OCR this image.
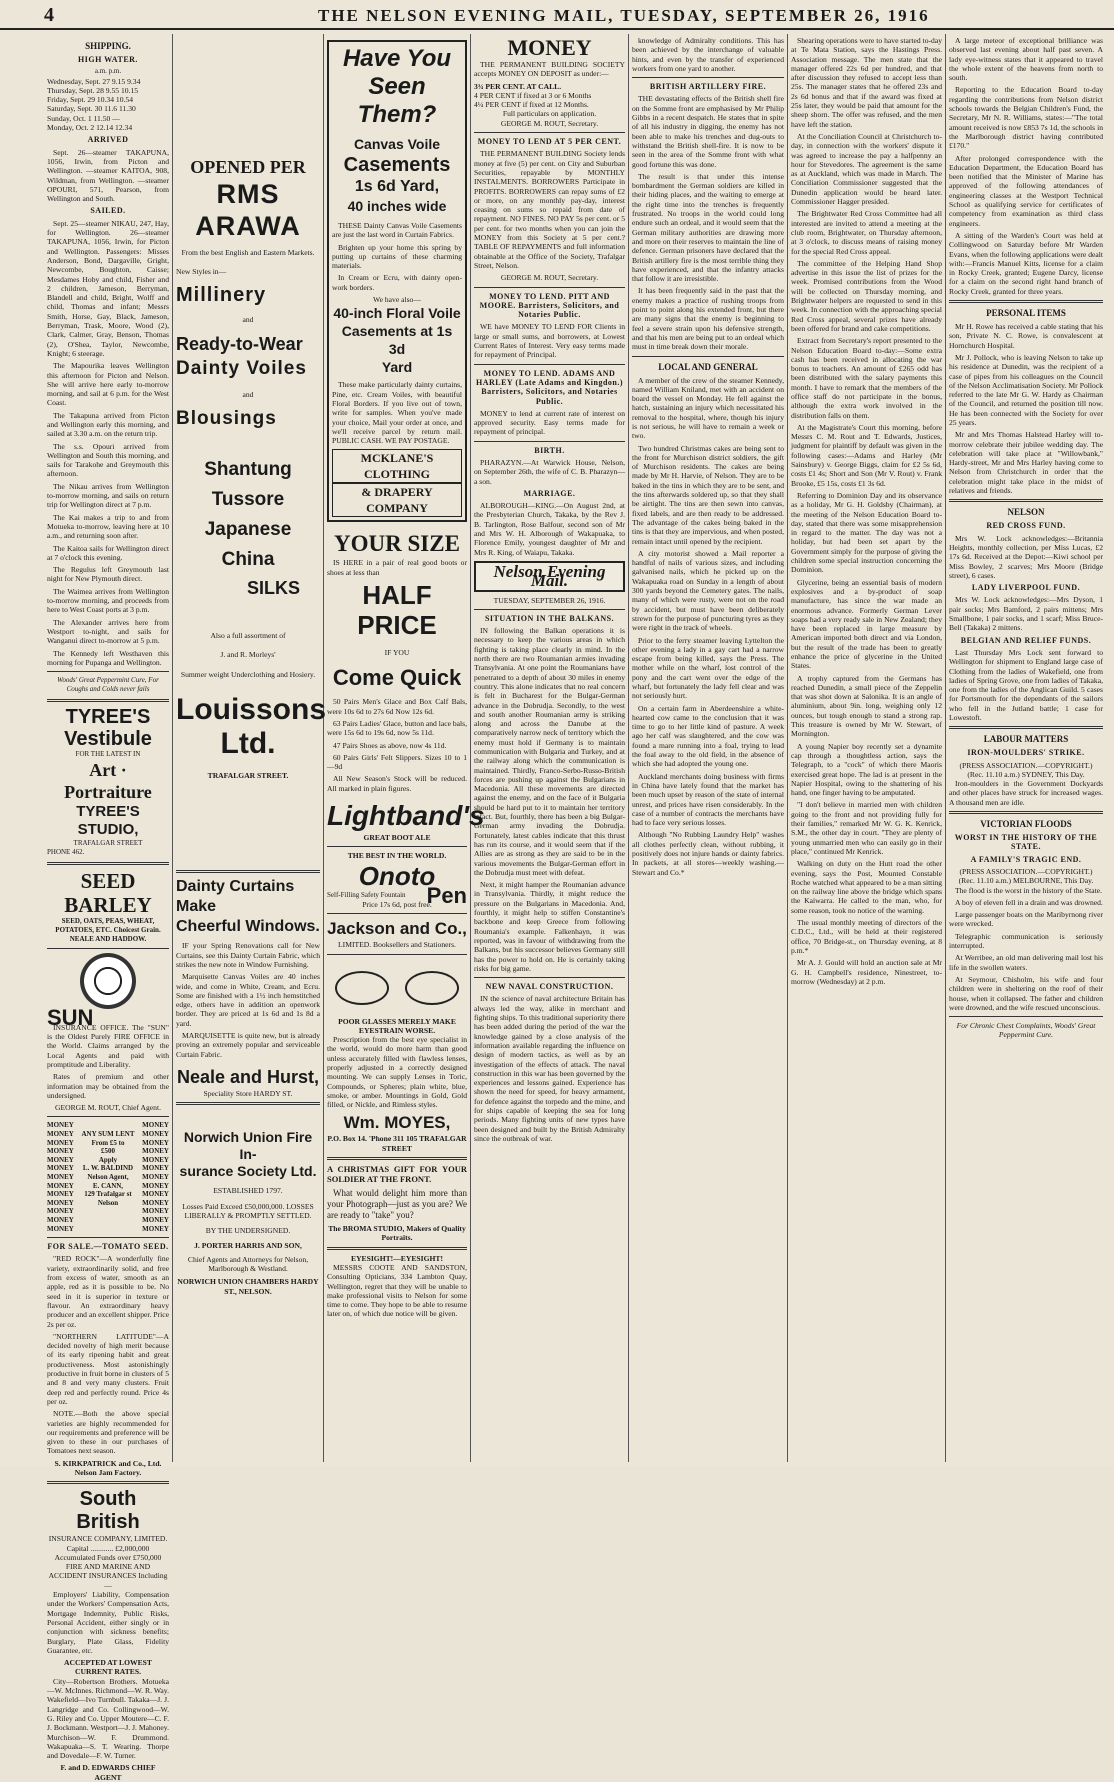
4	THE NELSON EVENING MAIL, TUESDAY, SEPTEMBER 26, 1916
SHIPPING.
HIGH WATER.
a.m. p.m.
Wednesday, Sept. 27 9.15 9.34
Thursday, Sept. 28 9.55 10.15
Friday, Sept. 29 10.34 10.54
Saturday, Sept. 30 11.6 11.30
Sunday, Oct. 1 11.50 —
Monday, Oct. 2 12.14 12.34
ARRIVED

Sept. 26—steamer TAKAPUNA, 1056, Irwin, from Picton and Wellington. —steamer KAITOA, 908, Wildman, from Wellington. —steamer OPOURI, 571, Pearson, from Wellington and South.

SAILED.

Sept. 25—steamer NIKAU, 247, Hay, for Wellington. 26—steamer TAKAPUNA, 1056, Irwin, for Picton and Wellington. Passengers: Misses Anderson, Bond, Dargaville, Gright, Newcombe, Boughton, Caisse; Mesdames Hoby and child, Fisher and 2 children, Jameson, Berryman, Blandell and child, Bright, Wolff and child, Thomas and infant; Messrs Smith, Horse, Gay, Black, Jameson, Berryman, Trask, Moore, Wood (2), Clark, Calmer, Gray, Benson, Thomas (2), O'Shea, Taylor, Newcombe, Knight; 6 steerage.

The Mapourika leaves Wellington this afternoon for Picton and Nelson. She will arrive here early to-morrow morning, and sail at 6 p.m. for the West Coast.

The Takapuna arrived from Picton and Wellington early this morning, and sailed at 3.30 a.m. on the return trip.

The s.s. Opouri arrived from Wellington and South this morning, and sails for Tarakohe and Greymouth this afternoon.

The Nikau arrives from Wellington to-morrow morning, and sails on return trip for Wellington direct at 7 p.m.

The Kai makes a trip to and from Motueka to-morrow, leaving here at 10 a.m., and returning soon after.

The Kaitoa sails for Wellington direct at 7 o'clock this evening.

The Regulus left Greymouth last night for New Plymouth direct.

The Waimea arrives from Wellington to-morrow morning, and proceeds from here to West Coast ports at 3 p.m.

The Alexander arrives here from Westport to-night, and sails for Wanganui direct to-morrow at 5 p.m.

The Kennedy left Westhaven this morning for Pupanga and Wellington.

Woods' Great Peppermint Cure, For Coughs and Colds never fails
TYREE'S
Vestibule
FOR THE LATEST IN
Art · Portraiture
TYREE'S STUDIO,
TRAFALGAR STREET
PHONE 462.
SEED
BARLEY
SEED, OATS, PEAS, WHEAT, POTATOES, ETC. Choicest Grain. NEALE AND HADDOW.
SUN

INSURANCE OFFICE. The "SUN" is the Oldest Purely FIRE OFFICE in the World. Claims arranged by the Local Agents and paid with promptitude and Liberality.

Rates of premium and other information may be obtained from the undersigned.

GEORGE M. ROUT, Chief Agent.
MONEY	MONEY
MONEY ANY SUM LENT MONEY
MONEY	From £5 to	MONEY
MONEY	£500	MONEY
MONEY	Apply	MONEY
MONEY L. W. BALDIND MONEY
MONEY Nelson Agent, MONEY
MONEY	E. CANN,	MONEY
MONEY 129 Trafalgar st MONEY
MONEY	Nelson	MONEY
MONEY	MONEY
MONEY	MONEY
MONEY	MONEY
FOR SALE.—TOMATO SEED.

"RED ROCK"—A wonderfully fine variety, extraordinarily solid, and free from excess of water, smooth as an apple, red as it is possible to be. No seed in it is superior in texture or flavour. An extraordinary heavy producer and an excellent shipper. Price 2s per oz.

"NORTHERN LATITUDE"—A decided novelty of high merit because of its early ripening habit and great productiveness. Most astonishingly productive in fruit borne in clusters of 5 and 8 and very many clusters. Fruit deep red and perfectly round. Price 4s per oz.

NOTE.—Both the above special varieties are highly recommended for our requirements and preference will be given to these in our purchases of Tomatoes next season.

S. KIRKPATRICK and Co., Ltd. Nelson Jam Factory.
South British
INSURANCE COMPANY, LIMITED.
Capital ............ £2,000,000
Accumulated Funds over £750,000
FIRE AND MARINE AND ACCIDENT INSURANCES Including—

Employers' Liability, Compensation under the Workers' Compensation Acts, Mortgage Indemnity, Public Risks, Personal Accident, either singly or in conjunction with sickness benefits; Burglary, Plate Glass, Fidelity Guarantee, etc.

ACCEPTED AT LOWEST CURRENT RATES.

City—Robertson Brothers. Motueka—W. McInnes. Richmond—W. R. Way. Wakefield—Ivo Turnbull. Takaka—J. J. Langridge and Co. Collingwood—W. G. Riley and Co. Upper Moutere—C. F. J. Bockmann. Westport—J. J. Mahoney. Murchison—W. F. Drummond. Wakapuaka—S. T. Wearing. Thorpe and Dovedale—F. W. Turner.

F. and D. EDWARDS CHIEF AGENT
OPENED PER
RMS ARAWA
From the best English and Eastern Markets.
New Styles in—
Millinery
and
Ready-to-Wear
Dainty Voiles
and
Blousings
Shantung
Tussore
Japanese
China
SILKS
Also a full assortment of
J. and R. Morleys'
Summer weight Underclothing and Hosiery.
Louissons
Ltd.
TRAFALGAR STREET.
Dainty Curtains
Make
Cheerful Windows.

IF your Spring Renovations call for New Curtains, see this Dainty Curtain Fabric, which strikes the new note in Window Furnishing.

Marquisette Canvas Voiles are 40 inches wide, and come in White, Cream, and Ecru. Some are finished with a 1½ inch hemstitched edge, others have in addition an openwork border. They are priced at 1s 6d and 1s 8d a yard.

MARQUISETTE is quite new, but is already proving an extremely popular and serviceable Curtain Fabric.

Neale and Hurst,
Speciality Store HARDY ST.
Norwich Union Fire In-
surance Society Ltd.
ESTABLISHED 1797.
Losses Paid Exceed £50,000,000. LOSSES LIBERALLY & PROMPTLY SETTLED.
BY THE UNDERSIGNED.
J. PORTER HARRIS AND SON,
Chief Agents and Attorneys for Nelson, Marlborough & Westland.
NORWICH UNION CHAMBERS HARDY ST., NELSON.
Have You
Seen Them?
Canvas Voile
Casements
1s 6d Yard,
40 inches wide

THESE Dainty Canvas Voile Casements are just the last word in Curtain Fabrics.

Brighten up your home this spring by putting up curtains of these charming materials.

In Cream or Ecru, with dainty open-work borders.

We have also—
40-inch Floral Voile
Casements at 1s 3d
Yard

These make particularly dainty curtains, Pine, etc. Cream Voiles, with beautiful Floral Borders. If you live out of town, write for samples. When you've made your choice, Mail your order at once, and we'll receive parcel by return mail. PUBLIC CASH. WE PAY POSTAGE.

MCKLANE'S CLOTHING
& DRAPERY COMPANY
YOUR SIZE

IS HERE in a pair of real good boots or shoes at less than

HALF
PRICE
IF YOU
Come Quick

50 Pairs Men's Glace and Box Calf Bals, were 10s 6d to 27s 6d Now 12s 6d.

63 Pairs Ladies' Glace, button and lace bals, were 15s 6d to 19s 6d, now 5s 11d.

47 Pairs Shoes as above, now 4s 11d.

60 Pairs Girls' Felt Slippers. Sizes 10 to 1—9d

All New Season's Stock will be reduced. All marked in plain figures.

Lightband's
GREAT BOOT ALE
THE BEST IN THE WORLD.
Onoto
Self-Filling Safety Fountain Pen
Price 17s 6d, post free.
Jackson and Co.,
LIMITED. Booksellers and Stationers.
POOR GLASSES MERELY MAKE EYESTRAIN WORSE.

Prescription from the best eye specialist in the world, would do more harm than good unless accurately filled with flawless lenses, properly adjusted in a correctly designed mounting. We can supply Lenses in Toric, Compounds, or Spheres; plain white, blue, smoke, or amber. Mountings in Gold, Gold filled, or Nickle, and Rimless styles.

Wm. MOYES,
P.O. Box 14. 'Phone 311 105 TRAFALGAR STREET
A CHRISTMAS GIFT FOR YOUR SOLDIER AT THE FRONT.

What would delight him more than your Photograph—just as you are? We are ready to "take" you?

The BROMA STUDIO, Makers of Quality Portraits.
EYESIGHT!—EYESIGHT!

MESSRS COOTE AND SANDSTON, Consulting Opticians, 334 Lambton Quay, Wellington, regret that they will be unable to make professional visits to Nelson for some time to come. They hope to be able to resume later on, of which due notice will be given.

MONEY

THE PERMANENT BUILDING SOCIETY accepts MONEY ON DEPOSIT as under:—

3¾ PER CENT. AT CALL.
4 PER CENT if fixed at 3 or 6 Months
4¼ PER CENT if fixed at 12 Months.
Full particulars on application.
GEORGE M. ROUT, Secretary.
MONEY TO LEND AT 5 PER CENT.

THE PERMANENT BUILDING Society lends money at five (5) per cent. on City and Suburban Securities, repayable by MONTHLY INSTALMENTS. BORROWERS Participate in PROFITS. BORROWERS can repay sums of £2 or more, on any monthly pay-day, interest ceasing on sums so repaid from date of repayment. NO FINES. NO PAY 5s per cent. or 5 per cent. for two months when you can join the MONEY from this Society at 5 per cent.? TABLE OF REPAYMENTS and full information obtainable at the Office of the Society, Trafalgar Street, Nelson.

GEORGE M. ROUT, Secretary.
MONEY TO LEND. PITT AND MOORE. Barristers, Solicitors, and Notaries Public.

WE have MONEY TO LEND FOR Clients in large or small sums, and borrowers, at Lowest Current Rates of Interest. Very easy terms made for repayment of Principal.

MONEY TO LEND. ADAMS AND HARLEY (Late Adams and Kingdon.) Barristers, Solicitors, and Notaries Public.

MONEY to lend at current rate of interest on approved security. Easy terms made for repayment of principal.

BIRTH.

PHARAZYN.—At Warwick House, Nelson, on September 26th, the wife of C. B. Pharazyn—a son.

MARRIAGE.

ALBOROUGH—KING.—On August 2nd, at the Presbyterian Church, Takaka, by the Rev J. B. Tarlington, Rose Balfour, second son of Mr and Mrs W. H. Alborough of Wakapuaka, to Florence Emily, youngest daughter of Mr and Mrs R. King, of Waiapu, Takaka.

Nelson Evening Mail.
TUESDAY, SEPTEMBER 26, 1916.
SITUATION IN THE BALKANS.

IN following the Balkan operations it is necessary to keep the various areas in which fighting is taking place clearly in mind. In the north there are two Roumanian armies invading Transylvania. At one point the Roumanians have penetrated to a depth of about 30 miles in enemy country. This alone indicates that no real concern is felt in Bucharest for the Bulgar-German advance in the Dobrudja. Secondly, to the west and south another Roumanian army is striking along and across the Danube at the comparatively narrow neck of territory which the enemy must hold if Germany is to maintain communication with Bulgaria and Turkey, and at the railway along which the communication is maintained. Thirdly, Franco-Serbo-Russo-British forces are pushing up against the Bulgarians in Macedonia. All these movements are directed against the enemy, and on the face of it Bulgaria should be hard put to it to maintain her territory intact. But, fourthly, there has been a big Bulgar-German army invading the Dobrudja. Fortunately, latest cables indicate that this thrust has run its course, and it would seem that if the Allies are as strong as they are said to be in the various movements the Bulgar-German effort in the Dobrudja must meet with defeat.

Next, it might hamper the Roumanian advance in Transylvania. Thirdly, it might reduce the pressure on the Bulgarians in Macedonia. And, fourthly, it might help to stiffen Constantine's backbone and keep Greece from following Roumania's example. Falkenhayn, it was reported, was in favour of withdrawing from the Balkans, but his successor believes Germany still has the power to hold on. He is certainly taking risks for big game.

NEW NAVAL CONSTRUCTION.

IN the science of naval architecture Britain has always led the way, alike in merchant and fighting ships. To this traditional superiority there has been added during the period of the war the knowledge gained by a close analysis of the information available regarding the influence on design of modern tactics, as well as by an investigation of the effects of attack. The naval construction in this war has been governed by the experiences and lessons gained. Experience has shown the need for speed, for heavy armament, for defence against the torpedo and the mine, and for ships capable of keeping the sea for long periods. Many fighting units of new types have been designed and built by the British Admiralty since the outbreak of war.

knowledge of Admiralty conditions. This has been achieved by the interchange of valuable hints, and even by the transfer of experienced workers from one yard to another.

BRITISH ARTILLERY FIRE.

THE devastating effects of the British shell fire on the Somme front are emphasised by Mr Philip Gibbs in a recent despatch. He states that in spite of all his industry in digging, the enemy has not been able to make his trenches and dug-outs to withstand the British shell-fire. It is now to be seen in the area of the Somme front with what good fortune this was done.

The result is that under this intense bombardment the German soldiers are killed in their hiding places, and the waiting to emerge at the right time into the trenches is frequently frustrated. No troops in the world could long endure such an ordeal, and it would seem that the German military authorities are drawing more and more on their reserves to maintain the line of defence. German prisoners have declared that the British artillery fire is the most terrible thing they have experienced, and that the infantry attacks that follow it are irresistible.

It has been frequently said in the past that the enemy makes a practice of rushing troops from point to point along his extended front, but there are many signs that the enemy is beginning to feel a severe strain upon his defensive strength, and that his men are being put to an ordeal which must in time break down their morale.

LOCAL AND GENERAL

A member of the crew of the steamer Kennedy, named William Kniland, met with an accident on board the vessel on Monday. He fell against the hatch, sustaining an injury which necessitated his removal to the hospital, where, though his injury is not serious, he will have to remain a week or two.

Two hundred Christmas cakes are being sent to the front for Murchison district soldiers, the gift of Murchison residents. The cakes are being made by Mr H. Harvie, of Nelson. They are to be baked in the tins in which they are to be sent, and the tins afterwards soldered up, so that they shall be airtight. The tins are then sewn into canvas, fixed labels, and are then ready to be addressed. The advantage of the cakes being baked in the tins is that they are impervious, and when posted, remain intact until opened by the recipient.

A city motorist showed a Mail reporter a handful of nails of various sizes, and including galvanised nails, which he picked up on the Wakapuaka road on Sunday in a length of about 300 yards beyond the Cemetery gates. The nails, many of which were rusty, were not on the road by accident, but must have been deliberately strewn for the purpose of puncturing tyres as they were right in the track of wheels.

Prior to the ferry steamer leaving Lyttelton the other evening a lady in a gay cart had a narrow escape from being killed, says the Press. The mother while on the wharf, lost control of the pony and the cart went over the edge of the wharf, but fortunately the lady fell clear and was not seriously hurt.

On a certain farm in Aberdeenshire a white-hearted cow came to the conclusion that it was time to go to her little kind of pasture. A week ago her calf was slaughtered, and the cow was found a mare running into a foal, trying to lead the foal away to the old field, in the absence of which she had adopted the young one.

Auckland merchants doing business with firms in China have lately found that the market has been much upset by reason of the state of internal unrest, and prices have risen considerably. In the case of a number of contracts the merchants have had to face very serious losses.

Although "No Rubbing Laundry Help" washes all clothes perfectly clean, without rubbing, it positively does not injure hands or dainty fabrics. In packets, at all stores—weekly washing.—Stewart and Co.*

Shearing operations were to have started to-day at Te Mata Station, says the Hastings Press. Association message. The men state that the manager offered 22s 6d per hundred, and that after discussion they refused to accept less than 25s. The manager states that he offered 23s and 2s 6d bonus and that if the award was fixed at 25s later, they would be paid that amount for the sheep shorn. The offer was refused, and the men have left the station.

At the Conciliation Council at Christchurch to-day, in connection with the workers' dispute it was agreed to increase the pay a halfpenny an hour for Stevedores. The agreement is the same as at Auckland, which was made in March. The Conciliation Commissioner suggested that the Dunedin application would be heard later. Commissioner Hagger presided.

The Brightwater Red Cross Committee had all interested are invited to attend a meeting at the club room, Brightwater, on Thursday afternoon, at 3 o'clock, to discuss means of raising money for the special Red Cross appeal.

The committee of the Helping Hand Shop advertise in this issue the list of prizes for the week. Promised contributions from the Wood will be collected on Thursday morning, and Brightwater helpers are requested to send in this week. In connection with the approaching special Red Cross appeal, several prizes have already been offered for brand and cake competitions.

Extract from Secretary's report presented to the Nelson Education Board to-day:—Some extra cash has been received in allocating the war bonus to teachers. An amount of £265 odd has been distributed with the salary payments this month. I have to remark that the members of the office staff do not participate in the bonus, although the extra work involved in the distribution falls on them.

At the Magistrate's Court this morning, before Messrs C. M. Rout and T. Edwards, Justices, judgment for plaintiff by default was given in the following cases:—Adams and Harley (Mr Sainsbury) v. George Biggs, claim for £2 5s 6d, costs £1 4s; Short and Son (Mr V. Rout) v. Frank Brooke, £5 15s, costs £1 3s 6d.

Referring to Dominion Day and its observance as a holiday, Mr G. H. Goldsby (Chairman), at the meeting of the Nelson Education Board to-day, stated that there was some misapprehension in regard to the matter. The day was not a holiday, but had been set apart by the Government simply for the purpose of giving the children some special instruction concerning the Dominion.

Glycerine, being an essential basis of modern explosives and a by-product of soap manufacture, has since the war made an enormous advance. Formerly German Lever soaps had a very ready sale in New Zealand; they have been replaced in large measure by American imported both direct and via London, but the result of the trade has been to greatly enhance the price of glycerine in the United States.

A trophy captured from the Germans has reached Dunedin, a small piece of the Zeppelin that was shot down at Salonika. It is an angle of aluminium, about 9in. long, weighing only 12 ounces, but tough enough to stand a strong rap. This treasure is owned by Mr W. Stewart, of Mornington.

A young Napier boy recently set a dynamite cap through a thoughtless action, says the Telegraph, to a "cock" of which there Maoris exercised great hope. The lad is at present in the Napier Hospital, owing to the shattering of his hand, one finger having to be amputated.

"I don't believe in married men with children going to the front and not providing fully for their families," remarked Mr W. G. K. Kenrick, S.M., the other day in court. "They are plenty of young unmarried men who can easily go in their place," continued Mr Kenrick.

Walking on duty on the Hutt road the other evening, says the Post, Mounted Constable Roche watched what appeared to be a man sitting on the railway line above the bridge which spans the Kaiwarra. He called to the man, who, for some reason, took no notice of the warning.

The usual monthly meeting of directors of the C.D.C., Ltd., will be held at their registered office, 70 Bridge-st., on Thursday evening, at 8 p.m.*

Mr A. J. Gould will hold an auction sale at Mr G. H. Campbell's residence, Ninestreet, to-morrow (Wednesday) at 2 p.m.

A large meteor of exceptional brilliance was observed last evening about half past seven. A lady eye-witness states that it appeared to travel the whole extent of the heavens from north to south.

Reporting to the Education Board to-day regarding the contributions from Nelson district schools towards the Belgian Children's Fund, the Secretary, Mr N. R. Williams, states:—"The total amount received is now £853 7s 1d, the schools in the Marlborough district having contributed £170."

After prolonged correspondence with the Education Department, the Education Board has been notified that the Minister of Marine has approved of the following attendances of engineering classes at the Westport Technical School as qualifying service for certificates of competency from examination as third class engineers.

A sitting of the Warden's Court was held at Collingwood on Saturday before Mr Warden Evans, when the following applications were dealt with:—Francis Manuel Kitts, license for a claim in Rocky Creek, granted; Eugene Darcy, license for a claim on the second right hand branch of Rocky Creek, granted for three years.

PERSONAL ITEMS

Mr H. Rowe has received a cable stating that his son, Private N. C. Rowe, is convalescent at Hornchurch Hospital.

Mr J. Pollock, who is leaving Nelson to take up his residence at Dunedin, was the recipient of a case of pipes from his colleagues on the Council of the Nelson Acclimatisation Society. Mr Pollock referred to the late Mr G. W. Hardy as Chairman of the Council, and returned the position till now. He has been connected with the Society for over 25 years.

Mr and Mrs Thomas Halstead Harley will to-morrow celebrate their jubilee wedding day. The celebration will take place at "Willowbank," Hardy-street, Mr and Mrs Harley having come to Nelson from Christchurch in order that the celebration might take place in the midst of relatives and friends.

NELSON
RED CROSS FUND.

Mrs W. Lock acknowledges:—Britannia Heights, monthly collection, per Miss Lucas, £2 17s 6d. Received at the Depot:—Kiwi school per Miss Bowley, 2 scarves; Mrs Moore (Bridge street), 6 cases.

LADY LIVERPOOL FUND.

Mrs W. Lock acknowledges:—Mrs Dyson, 1 pair socks; Mrs Bamford, 2 pairs mittens; Mrs Smallbone, 1 pair socks, and 1 scarf; Miss Bruce-Bell (Takaka) 2 mittens.

BELGIAN AND RELIEF FUNDS.

Last Thursday Mrs Lock sent forward to Wellington for shipment to England large case of Clothing from the ladies of Wakefield, one from ladies of Spring Grove, one from ladies of Takaka, one from the ladies of the Anglican Guild. 5 cases for Portsmouth for the dependants of the sailors who fell in the Jutland battle; 1 case for Lowestoft.

LABOUR MATTERS
IRON-MOULDERS' STRIKE.
(PRESS ASSOCIATION.—COPYRIGHT.)
(Rec. 11.10 a.m.) SYDNEY, This Day.

Iron-moulders in the Government Dockyards and other places have struck for increased wages. A thousand men are idle.

VICTORIAN FLOODS
WORST IN THE HISTORY OF THE STATE.
A FAMILY'S TRAGIC END.
(PRESS ASSOCIATION.—COPYRIGHT.)
(Rec. 11.10 a.m.) MELBOURNE, This Day.

The flood is the worst in the history of the State.

A boy of eleven fell in a drain and was drowned.

Large passenger boats on the Maribyrnong river were wrecked.

Telegraphic communication is seriously interrupted.

At Werribee, an old man delivering mail lost his life in the swollen waters.

At Seymour, Chisholm, his wife and four children were in sheltering on the roof of their house, when it collapsed. The father and children were drowned, and the wife rescued unconscious.

For Chronic Chest Complaints, Woods' Great Peppermint Cure.
